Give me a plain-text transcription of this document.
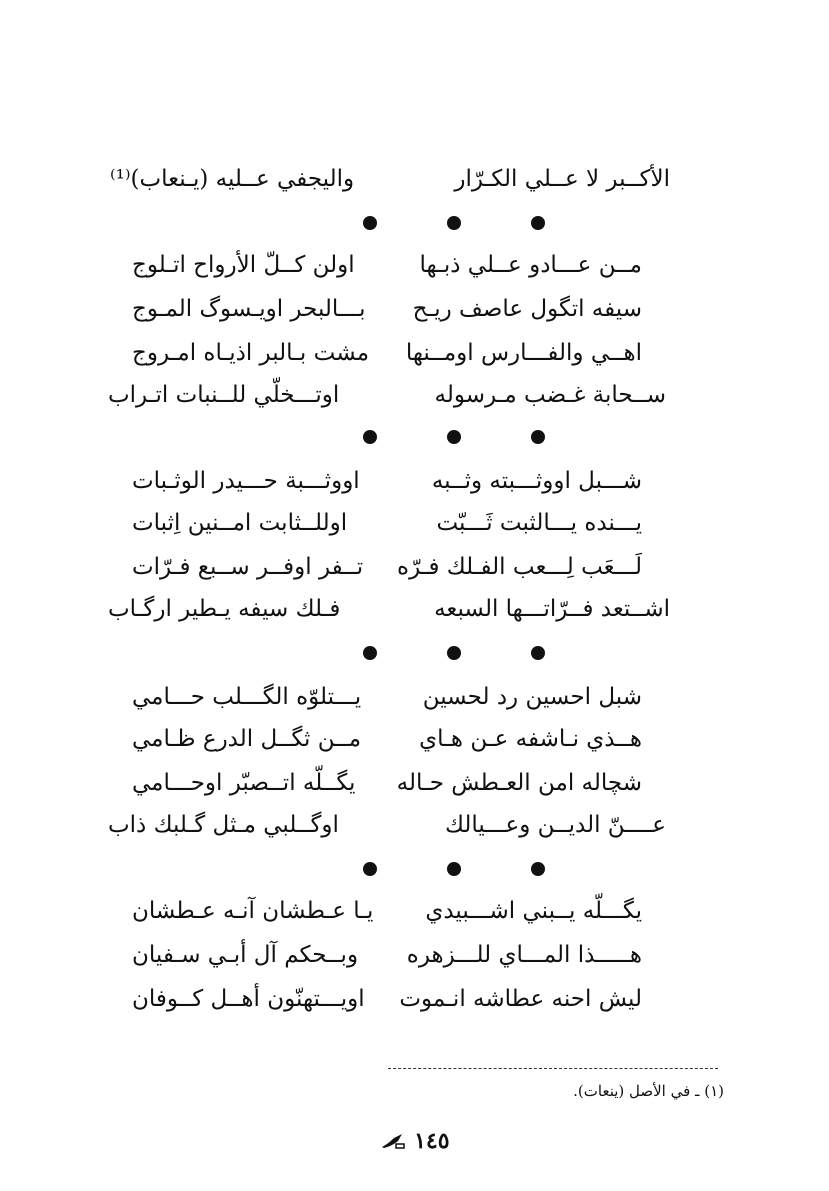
الأكــبر لا عــلي الكـرّار
واليجفي عــليه (يـنعاب)⁽¹⁾
مــن عـــادو عــلي ذبـها
اولن كــلّ الأرواح اتـلوج
سيفه اتگول عاصف ريـح
بـــالبحر اويـسوگ المـوج
اهــي والفـــارس اومــنها
مشت بـالبر اذيـاه امـروج
ســحابة غـضب مـرسوله
اوتـــخلّي للــنبات اتـراب
شـــبل اووثـــبته وثــبه
اووثـــبة حـــيدر الوثـبات
يـــنده يـــالثبت ثَـــبّت
اوللــثابت امــنين اِثبات
لَـــعَب لِـــعب الفـلك فـرّه
تــفر اوفــر ســبع فـرّات
اشــتعد فــرّاتـــها السبعه
فـلك سيفه يـطير ارگـاب
شبل احسين رد لحسين
يـــتلوّه الگـــلب حـــامي
هــذي نـاشفه عـن هـاي
مــن ثگــل الدرع ظـامي
شچاله امن العـطش حـاله
يگــلّه اتــصبّر اوحـــامي
عــــنّ الديــن وعـــيالك
اوگــلبي مـثل گـلبك ذاب
يگـــلّه يــبني اشـــبيدي
يـا عـطشان آنـه عـطشان
هـــــذا المـــاي للـــزهره
وبــحكم آل أبـي سـفيان
ليش احنه عطاشه انـموت
اويـــتهنّون أهــل كــوفان
(١) ـ في الأصل (ينعات).
١٤٥
